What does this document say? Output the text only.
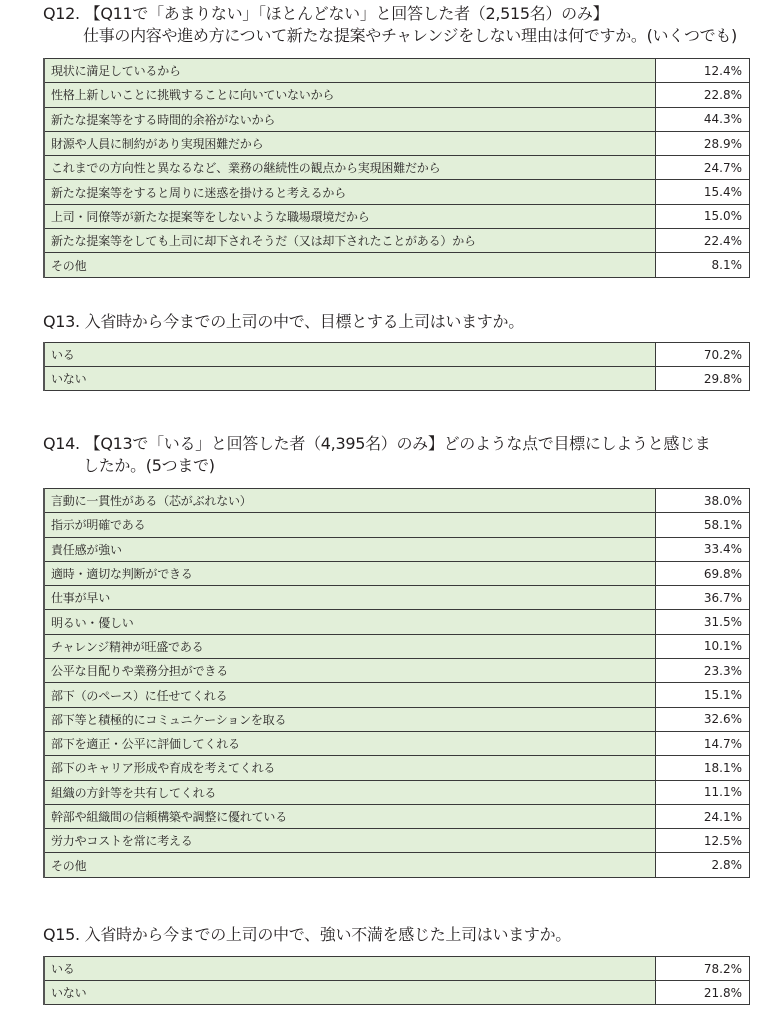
Q12. 【Q11で「あまりない」「ほとんどない」と回答した者（2,515名）のみ】
仕事の内容や進め方について新たな提案やチャレンジをしない理由は何ですか。(いくつでも)
現状に満足しているから	12.4%
性格上新しいことに挑戦することに向いていないから	22.8%
新たな提案等をする時間的余裕がないから	44.3%
財源や人員に制約があり実現困難だから	28.9%
これまでの方向性と異なるなど、業務の継続性の観点から実現困難だから	24.7%
新たな提案等をすると周りに迷惑を掛けると考えるから	15.4%
上司・同僚等が新たな提案等をしないような職場環境だから	15.0%
新たな提案等をしても上司に却下されそうだ（又は却下されたことがある）から	22.4%
その他	8.1%
Q13. 入省時から今までの上司の中で、目標とする上司はいますか。
いる	70.2%
いない	29.8%
Q14. 【Q13で「いる」と回答した者（4,395名）のみ】どのような点で目標にしようと感じま
したか。(5つまで)
言動に一貫性がある（芯がぶれない）	38.0%
指示が明確である	58.1%
責任感が強い	33.4%
適時・適切な判断ができる	69.8%
仕事が早い	36.7%
明るい・優しい	31.5%
チャレンジ精神が旺盛である	10.1%
公平な目配りや業務分担ができる	23.3%
部下（のペース）に任せてくれる	15.1%
部下等と積極的にコミュニケーションを取る	32.6%
部下を適正・公平に評価してくれる	14.7%
部下のキャリア形成や育成を考えてくれる	18.1%
組織の方針等を共有してくれる	11.1%
幹部や組織間の信頼構築や調整に優れている	24.1%
労力やコストを常に考える	12.5%
その他	2.8%
Q15. 入省時から今までの上司の中で、強い不満を感じた上司はいますか。
いる	78.2%
いない	21.8%
